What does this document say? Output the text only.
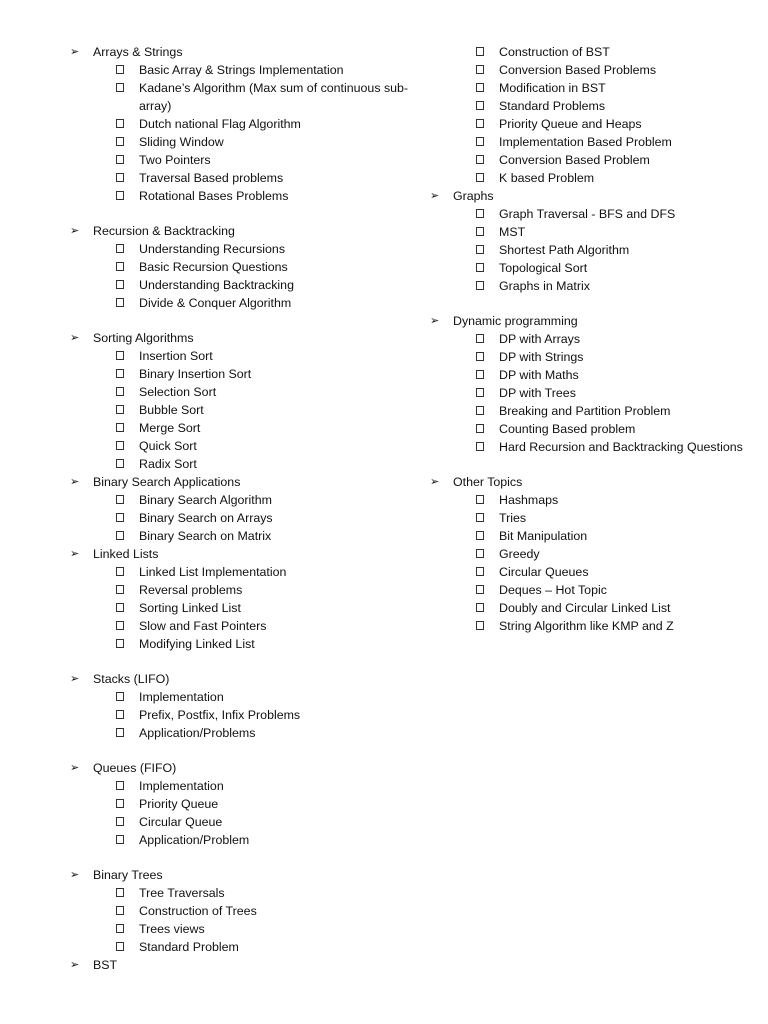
➢	Arrays & Strings
Basic Array & Strings Implementation
Kadane’s Algorithm (Max sum of continuous sub-array)
Dutch national Flag Algorithm
Sliding Window
Two Pointers
Traversal Based problems
Rotational Bases Problems
➢	Recursion & Backtracking
Understanding Recursions
Basic Recursion Questions
Understanding Backtracking
Divide & Conquer Algorithm
➢	Sorting Algorithms
Insertion Sort
Binary Insertion Sort
Selection Sort
Bubble Sort
Merge Sort
Quick Sort
Radix Sort
➢	Binary Search Applications
Binary Search Algorithm
Binary Search on Arrays
Binary Search on Matrix
➢	Linked Lists
Linked List Implementation
Reversal problems
Sorting Linked List
Slow and Fast Pointers
Modifying Linked List
➢	Stacks (LIFO)
Implementation
Prefix, Postfix, Infix Problems
Application/Problems
➢	Queues (FIFO)
Implementation
Priority Queue
Circular Queue
Application/Problem
➢	Binary Trees
Tree Traversals
Construction of Trees
Trees views
Standard Problem
➢	BST
Construction of BST
Conversion Based Problems
Modification in BST
Standard Problems
Priority Queue and Heaps
Implementation Based Problem
Conversion Based Problem
K based Problem
➢	Graphs
Graph Traversal - BFS and DFS
MST
Shortest Path Algorithm
Topological Sort
Graphs in Matrix
➢	Dynamic programming
DP with Arrays
DP with Strings
DP with Maths
DP with Trees
Breaking and Partition Problem
Counting Based problem
Hard Recursion and Backtracking Questions
➢	Other Topics
Hashmaps
Tries
Bit Manipulation
Greedy
Circular Queues
Deques – Hot Topic
Doubly and Circular Linked List
String Algorithm like KMP and Z
